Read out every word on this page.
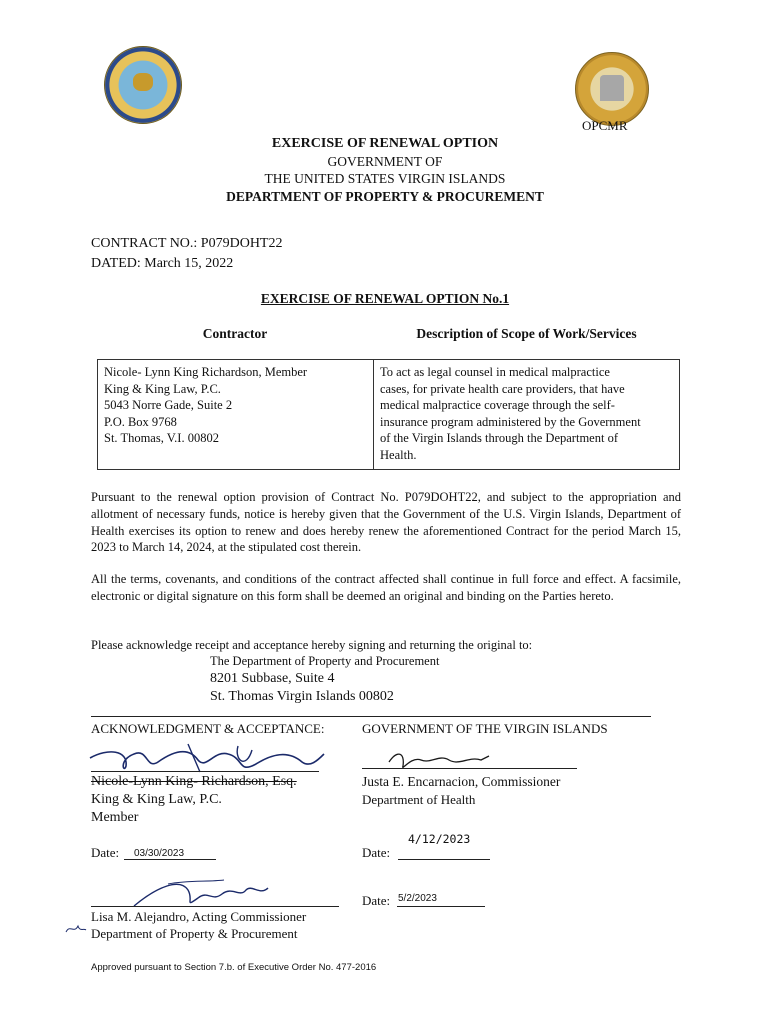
OPCMR
EXERCISE OF RENEWAL OPTION
GOVERNMENT OF
THE UNITED STATES VIRGIN ISLANDS
DEPARTMENT OF PROPERTY & PROCUREMENT
CONTRACT NO.: P079DOHT22
DATED: March 15, 2022
EXERCISE OF RENEWAL OPTION No.1
Contractor	Description of Scope of Work/Services
Nicole- Lynn King Richardson, Member
King & King Law, P.C.
5043 Norre Gade, Suite 2
P.O. Box 9768
St. Thomas, V.I. 00802
To act as legal counsel in medical malpractice
cases, for private health care providers, that have
medical malpractice coverage through the self-
insurance program administered by the Government
of the Virgin Islands through the Department of
Health.
Pursuant to the renewal option provision of Contract No. P079DOHT22, and subject to the appropriation and allotment of necessary funds, notice is hereby given that the Government of the U.S. Virgin Islands, Department of Health exercises its option to renew and does hereby renew the aforementioned Contract for the period March 15, 2023 to March 14, 2024, at the stipulated cost therein.
All the terms, covenants, and conditions of the contract affected shall continue in full force and effect. A facsimile, electronic or digital signature on this form shall be deemed an original and binding on the Parties hereto.
Please acknowledge receipt and acceptance hereby signing and returning the original to:
The Department of Property and Procurement
8201 Subbase, Suite 4
St. Thomas Virgin Islands 00802
ACKNOWLEDGMENT & ACCEPTANCE:	GOVERNMENT OF THE VIRGIN ISLANDS
Nicole-Lynn King- Richardson, Esq.
King & King Law, P.C.
Member
Justa E. Encarnacion, Commissioner
Department of Health
Date: 03/30/2023
4/12/2023
Date:
Lisa M. Alejandro, Acting Commissioner
Department of Property & Procurement
Date: 5/2/2023
Approved pursuant to Section 7.b. of Executive Order No. 477-2016
